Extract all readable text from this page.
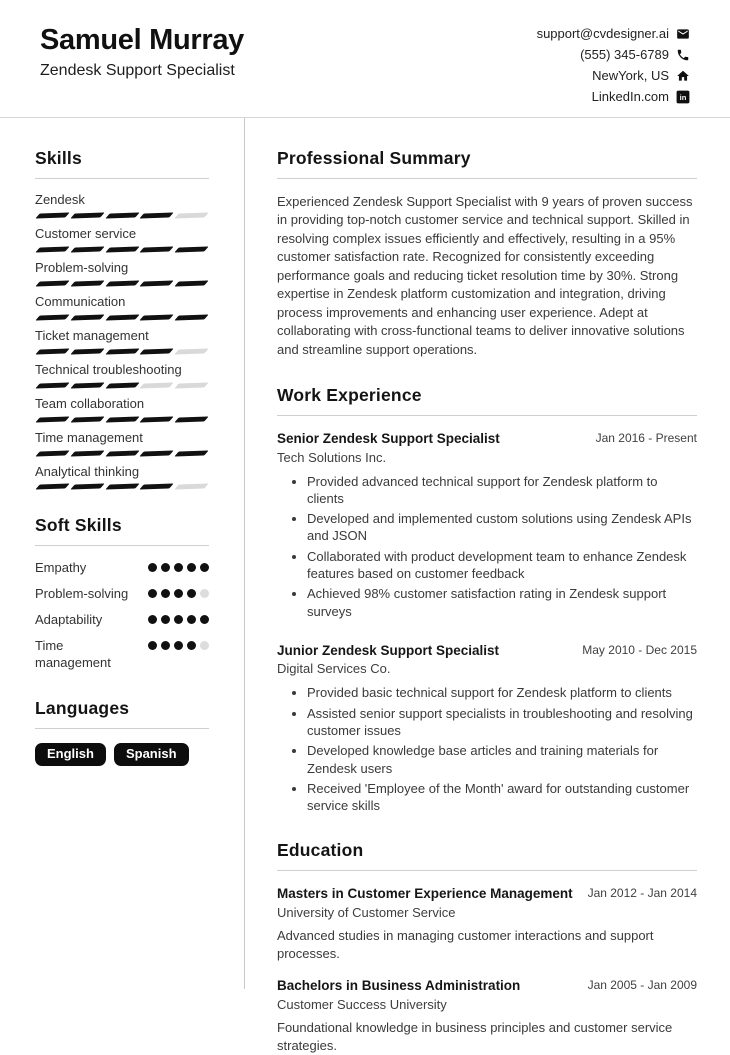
Samuel Murray
Zendesk Support Specialist
support@cvdesigner.ai
(555) 345-6789
NewYork, US
LinkedIn.com in
Skills
Zendesk
Customer service
Problem-solving
Communication
Ticket management
Technical troubleshooting
Team collaboration
Time management
Analytical thinking
Soft Skills
Empathy
Problem-solving
Adaptability
Time management
Languages
English	Spanish
Professional Summary

Experienced Zendesk Support Specialist with 9 years of proven success in providing top-notch customer service and technical support. Skilled in resolving complex issues efficiently and effectively, resulting in a 95% customer satisfaction rate. Recognized for consistently exceeding performance goals and reducing ticket resolution time by 30%. Strong expertise in Zendesk platform customization and integration, driving process improvements and enhancing user experience. Adept at collaborating with cross-functional teams to deliver innovative solutions and streamline support operations.

Work Experience
Senior Zendesk Support Specialist	Jan 2016 - Present
Tech Solutions Inc.
• Provided advanced technical support for Zendesk platform to clients
• Developed and implemented custom solutions using Zendesk APIs and JSON
• Collaborated with product development team to enhance Zendesk features based on customer feedback
• Achieved 98% customer satisfaction rating in Zendesk support surveys
Junior Zendesk Support Specialist	May 2010 - Dec 2015
Digital Services Co.
• Provided basic technical support for Zendesk platform to clients
• Assisted senior support specialists in troubleshooting and resolving customer issues
• Developed knowledge base articles and training materials for Zendesk users
• Received 'Employee of the Month' award for outstanding customer service skills
Education
Masters in Customer Experience Management	Jan 2012 - Jan 2014
University of Customer Service
Advanced studies in managing customer interactions and support processes.
Bachelors in Business Administration	Jan 2005 - Jan 2009
Customer Success University
Foundational knowledge in business principles and customer service strategies.
